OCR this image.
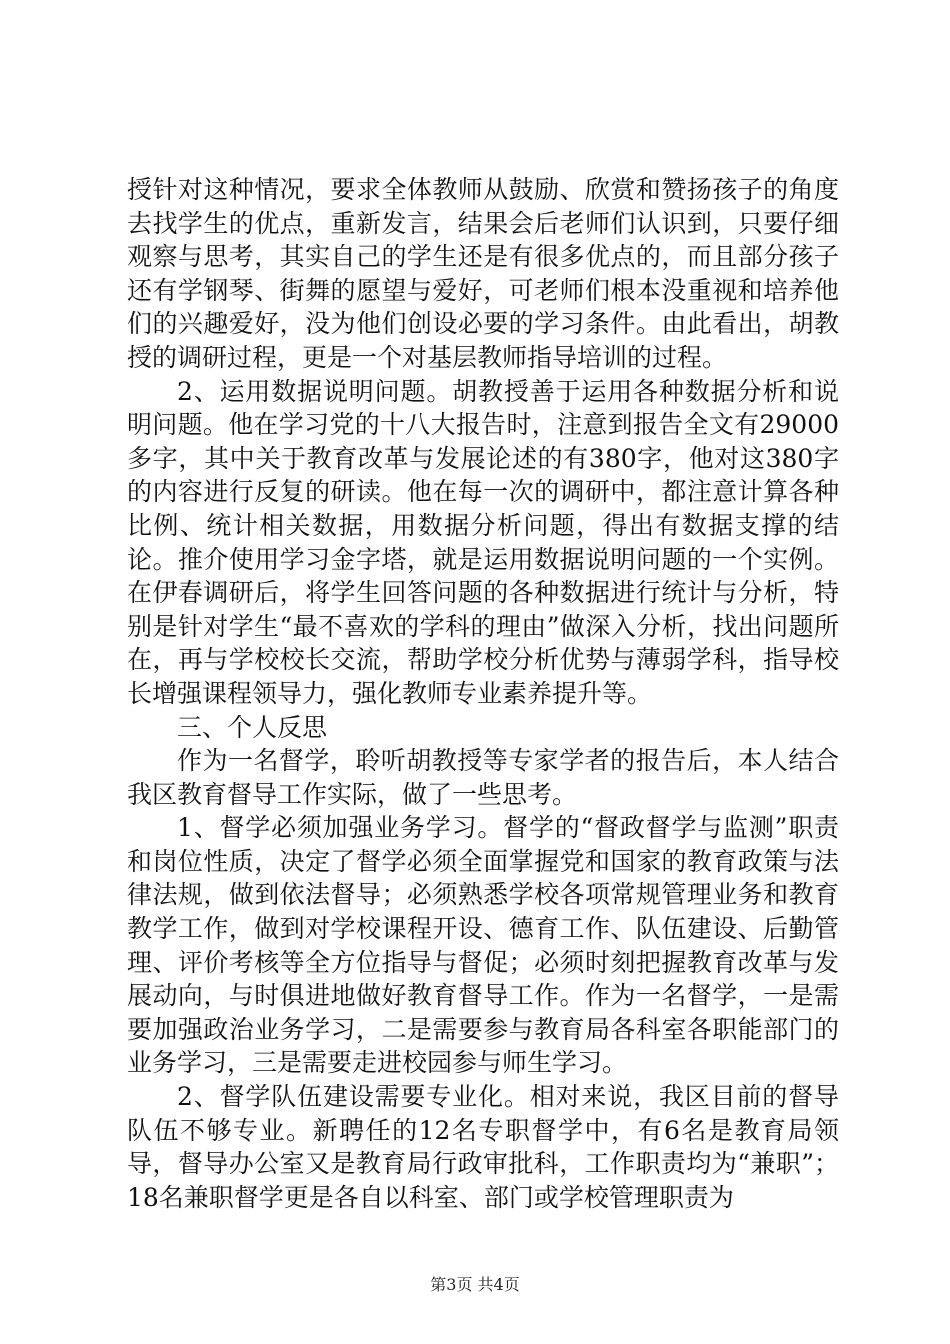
授针对这种情况，要求全体教师从鼓励、欣赏和赞扬孩子的角度去找学生的优点，重新发言，结果会后老师们认识到，只要仔细观察与思考，其实自己的学生还是有很多优点的，而且部分孩子还有学钢琴、街舞的愿望与爱好，可老师们根本没重视和培养他们的兴趣爱好，没为他们创设必要的学习条件。由此看出，胡教授的调研过程，更是一个对基层教师指导培训的过程。

2、运用数据说明问题。胡教授善于运用各种数据分析和说明问题。他在学习党的十八大报告时，注意到报告全文有29000多字，其中关于教育改革与发展论述的有380字，他对这380字的内容进行反复的研读。他在每一次的调研中，都注意计算各种比例、统计相关数据，用数据分析问题，得出有数据支撑的结论。推介使用学习金字塔，就是运用数据说明问题的一个实例。在伊春调研后，将学生回答问题的各种数据进行统计与分析，特别是针对学生“最不喜欢的学科的理由”做深入分析，找出问题所在，再与学校校长交流，帮助学校分析优势与薄弱学科，指导校长增强课程领导力，强化教师专业素养提升等。

三、个人反思

作为一名督学，聆听胡教授等专家学者的报告后，本人结合我区教育督导工作实际，做了一些思考。

1、督学必须加强业务学习。督学的“督政督学与监测”职责和岗位性质，决定了督学必须全面掌握党和国家的教育政策与法律法规，做到依法督导；必须熟悉学校各项常规管理业务和教育教学工作，做到对学校课程开设、德育工作、队伍建设、后勤管理、评价考核等全方位指导与督促；必须时刻把握教育改革与发展动向，与时俱进地做好教育督导工作。作为一名督学，一是需要加强政治业务学习，二是需要参与教育局各科室各职能部门的业务学习，三是需要走进校园参与师生学习。

2、督学队伍建设需要专业化。相对来说，我区目前的督导队伍不够专业。新聘任的12名专职督学中，有6名是教育局领导，督导办公室又是教育局行政审批科，工作职责均为“兼职”；18名兼职督学更是各自以科室、部门或学校管理职责为

第3页 共4页
